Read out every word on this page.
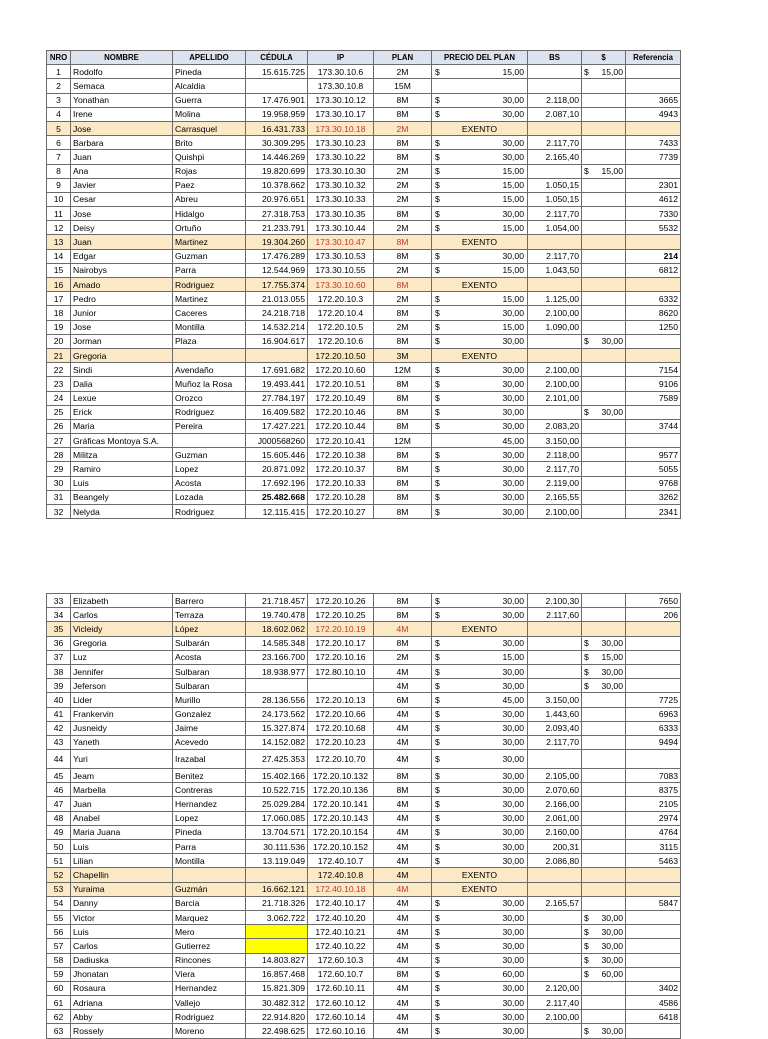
NRO	NOMBRE	APELLIDO	CÉDULA	IP	PLAN	PRECIO DEL PLAN	BS	$	Referencia
1	Rodolfo	Pineda	15.615.725	173.30.10.6	2M	$ 15,00		$ 15,00	

2	Semaca	Alcaldia		173.30.10.8	15M				
3	Yonathan	Guerra	17.476.901	173.30.10.12	8M	$ 30,00	2.118,00		3665
4	Irene	Molina	19.958.959	173.30.10.17	8M	$ 30,00	2.087,10		4943
5	Jose	Carrasquel	16.431.733	173.30.10.18	2M	EXENTO			
6	Barbara	Brito	30.309.295	173.30.10.23	8M	$ 30,00	2.117,70		7433
7	Juan	Quishpi	14.446.269	173.30.10.22	8M	$ 30,00	2.165,40		7739
8	Ana	Rojas	19.820.699	173.30.10.30	2M	$ 15,00		$ 15,00	

9	Javier	Paez	10.378.662	173.30.10.32	2M	$ 15,00	1.050,15		2301
10	Cesar	Abreu	20.976.651	173.30.10.33	2M	$ 15,00	1.050,15		4612
11	Jose	Hidalgo	27.318.753	173.30.10.35	8M	$ 30,00	2.117,70		7330
12	Deisy	Ortuño	21.233.791	173.30.10.44	2M	$ 15,00	1.054,00		5532
13	Juan	Martinez	19.304.260	173.30.10.47	8M	EXENTO			
14	Edgar	Guzman	17.476.289	173.30.10.53	8M	$ 30,00	2.117,70		214
15	Nairobys	Parra	12.544.969	173.30.10.55	2M	$ 15,00	1.043,50		6812
16	Amado	Rodriguez	17.755.374	173.30.10.60	8M	EXENTO			
17	Pedro	Martinez	21.013.055	172.20.10.3	2M	$ 15,00	1.125,00		6332
18	Junior	Caceres	24.218.718	172.20.10.4	8M	$ 30,00	2.100,00		8620
19	Jose	Montilla	14.532.214	172.20.10.5	2M	$ 15,00	1.090,00		1250
20	Jorman	Plaza	16.904.617	172.20.10.6	8M	$ 30,00		$ 30,00	

21	Gregoria			172.20.10.50	3M	EXENTO			
22	Sindi	Avendaño	17.691.682	172.20.10.60	12M	$ 30,00	2.100,00		7154
23	Dalia	Muñoz la Rosa	19.493.441	172.20.10.51	8M	$ 30,00	2.100,00		9106
24	Lexue	Orozco	27.784.197	172.20.10.49	8M	$ 30,00	2.101,00		7589
25	Erick	Rodriguez	16.409.582	172.20.10.46	8M	$ 30,00		$ 30,00	

26	Maria	Pereira	17.427.221	172.20.10.44	8M	$ 30,00	2.083,20		3744
27	Gráficas Montoya S.A.		J000568260	172.20.10.41	12M	45,00	3.150,00		
28	Militza	Guzman	15.605.446	172.20.10.38	8M	$ 30,00	2.118,00		9577
29	Ramiro	Lopez	20.871.092	172.20.10.37	8M	$ 30,00	2.117,70		5055
30	Luis	Acosta	17.692.196	172.20.10.33	8M	$ 30,00	2.119,00		9768
31	Beangely	Lozada	25.482.668	172.20.10.28	8M	$ 30,00	2.165,55		3262
32	Nelyda	Rodriguez	12.115.415	172.20.10.27	8M	$ 30,00	2.100,00		2341
33	Elizabeth	Barrero	21.718.457	172.20.10.26	8M	$ 30,00	2.100,30		7650
34	Carlos	Terraza	19.740.478	172.20.10.25	8M	$ 30,00	2.117,60		206
35	Vicleidy	López	18.602.062	172.20.10.19	4M	EXENTO			
36	Gregoria	Sulbarán	14.585.348	172.20.10.17	8M	$ 30,00		$ 30,00	

37	Luz	Acosta	23.166.700	172.20.10.16	2M	$ 15,00		$ 15,00	

38	Jennifer	Sulbaran	18.938.977	172.80.10.10	4M	$ 30,00		$ 30,00	

39	Jeferson	Sulbaran			4M	$ 30,00		$ 30,00	

40	Lider	Murillo	28.136.556	172.20.10.13	6M	$ 45,00	3.150,00		7725
41	Frankervin	Gonzalez	24.173.562	172.20.10.66	4M	$ 30,00	1.443,60		6963
42	Jusneidy	Jaime	15.327.874	172.20.10.68	4M	$ 30,00	2.093,40		6333
43	Yaneth	Acevedo	14.152.082	172.20.10.23	4M	$ 30,00	2.117,70		9494
44	Yuri	Irazabal	27.425.353	172.20.10.70	4M	$ 30,00			

45	Jeam	Benitez	15.402.166	172.20.10.132	8M	$ 30,00	2.105,00		7083
46	Marbella	Contreras	10.522.715	172.20.10.136	8M	$ 30,00	2.070,60		8375
47	Juan	Hernandez	25.029.284	172.20.10.141	4M	$ 30,00	2.166,00		2105
48	Anabel	Lopez	17.060.085	172.20.10.143	4M	$ 30,00	2.061,00		2974
49	Maria Juana	Pineda	13.704.571	172.20.10.154	4M	$ 30,00	2.160,00		4764
50	Luis	Parra	30.111.536	172.20.10.152	4M	$ 30,00	200,31		3115
51	Lilian	Montilla	13.119.049	172.40.10.7	4M	$ 30,00	2.086,80		5463
52	Chapellin			172.40.10.8	4M	EXENTO			
53	Yuraima	Guzmán	16.662.121	172.40.10.18	4M	EXENTO			
54	Danny	Barcia	21.718.326	172.40.10.17	4M	$ 30,00	2.165,57		5847
55	Victor	Marquez	3.062.722	172.40.10.20	4M	$ 30,00		$ 30,00	

56	Luis	Mero		172.40.10.21	4M	$ 30,00		$ 30,00	

57	Carlos	Gutierrez		172.40.10.22	4M	$ 30,00		$ 30,00	

58	Dadiuska	Rincones	14.803.827	172.60.10.3	4M	$ 30,00		$ 30,00	

59	Jhonatan	Viera	16.857.468	172.60.10.7	8M	$ 60,00		$ 60,00	

60	Rosaura	Hernandez	15.821.309	172.60.10.11	4M	$ 30,00	2.120,00		3402
61	Adriana	Vallejo	30.482.312	172.60.10.12	4M	$ 30,00	2.117,40		4586
62	Abby	Rodriguez	22.914.820	172.60.10.14	4M	$ 30,00	2.100,00		6418
63	Rossely	Moreno	22.498.625	172.60.10.16	4M	$ 30,00		$ 30,00	
